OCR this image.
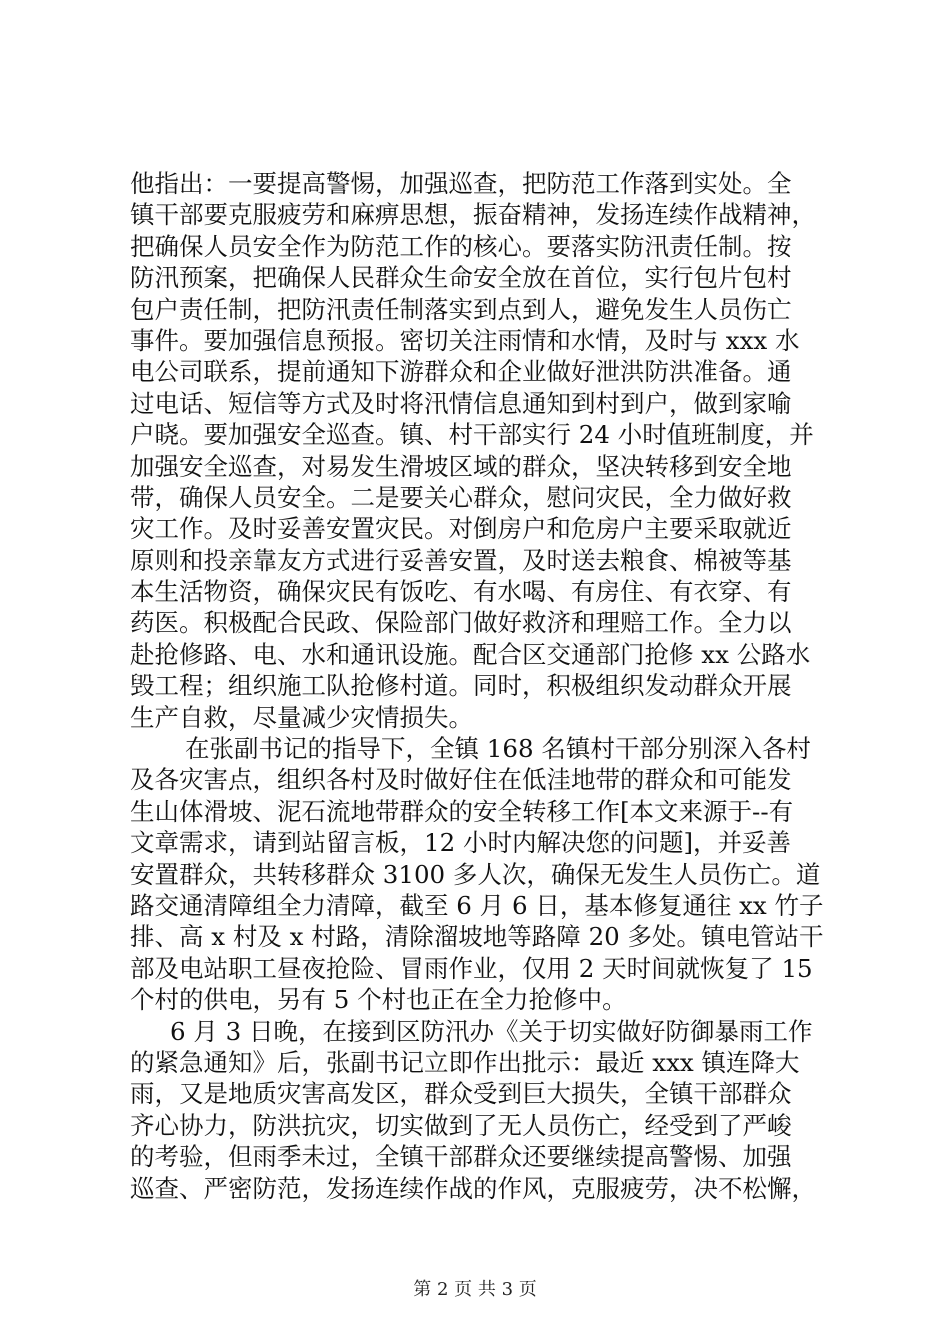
他指出：一要提高警惕，加强巡查，把防范工作落到实处。全
镇干部要克服疲劳和麻痹思想，振奋精神，发扬连续作战精神，
把确保人员安全作为防范工作的核心。要落实防汛责任制。按
防汛预案，把确保人民群众生命安全放在首位，实行包片包村
包户责任制，把防汛责任制落实到点到人，避免发生人员伤亡
事件。要加强信息预报。密切关注雨情和水情，及时与 xxx 水
电公司联系，提前通知下游群众和企业做好泄洪防洪准备。通
过电话、短信等方式及时将汛情信息通知到村到户，做到家喻
户晓。要加强安全巡查。镇、村干部实行 24 小时值班制度，并
加强安全巡查，对易发生滑坡区域的群众，坚决转移到安全地
带，确保人员安全。二是要关心群众，慰问灾民，全力做好救
灾工作。及时妥善安置灾民。对倒房户和危房户主要采取就近
原则和投亲靠友方式进行妥善安置，及时送去粮食、棉被等基
本生活物资，确保灾民有饭吃、有水喝、有房住、有衣穿、有
药医。积极配合民政、保险部门做好救济和理赔工作。全力以
赴抢修路、电、水和通讯设施。配合区交通部门抢修 xx 公路水
毁工程；组织施工队抢修村道。同时，积极组织发动群众开展
生产自救，尽量减少灾情损失。
在张副书记的指导下，全镇 168 名镇村干部分别深入各村
及各灾害点，组织各村及时做好住在低洼地带的群众和可能发
生山体滑坡、泥石流地带群众的安全转移工作[本文来源于--有
文章需求，请到站留言板，12 小时内解决您的问题]，并妥善
安置群众，共转移群众 3100 多人次，确保无发生人员伤亡。道
路交通清障组全力清障，截至 6 月 6 日，基本修复通往 xx 竹子
排、高 x 村及 x 村路，清除溜坡地等路障 20 多处。镇电管站干
部及电站职工昼夜抢险、冒雨作业，仅用 2 天时间就恢复了 15
个村的供电，另有 5 个村也正在全力抢修中。
6 月 3 日晚，在接到区防汛办《关于切实做好防御暴雨工作
的紧急通知》后，张副书记立即作出批示：最近 xxx 镇连降大
雨，又是地质灾害高发区，群众受到巨大损失，全镇干部群众
齐心协力，防洪抗灾，切实做到了无人员伤亡，经受到了严峻
的考验，但雨季未过，全镇干部群众还要继续提高警惕、加强
巡查、严密防范，发扬连续作战的作风，克服疲劳，决不松懈，
第 2 页 共 3 页
